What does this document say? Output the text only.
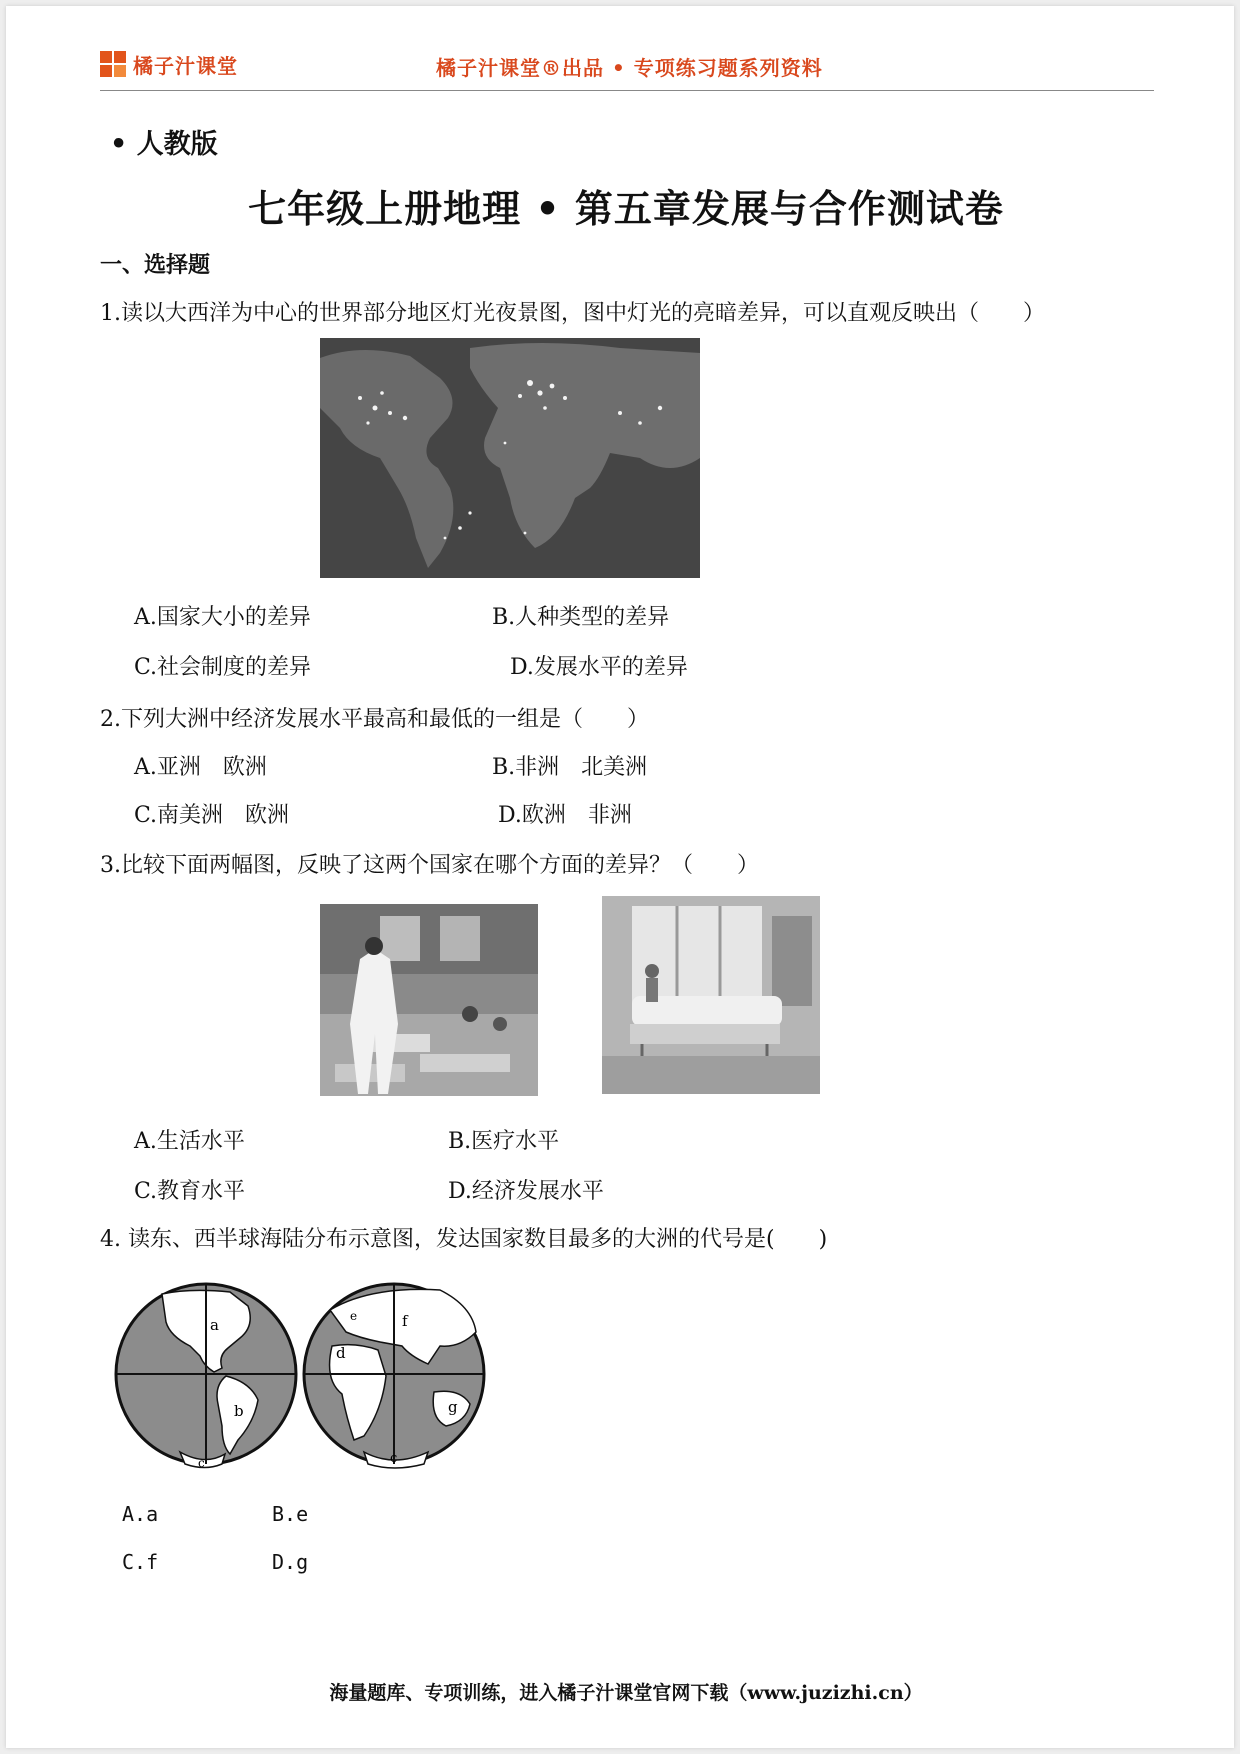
橘子汁课堂	橘子汁课堂®出品 • 专项练习题系列资料
• 人教版
七年级上册地理 • 第五章发展与合作测试卷
一、选择题
1.读以大西洋为中心的世界部分地区灯光夜景图，图中灯光的亮暗差异，可以直观反映出（　　）
A.国家大小的差异	B.人种类型的差异
C.社会制度的差异	D.发展水平的差异
2.下列大洲中经济发展水平最高和最低的一组是（　　）
A.亚洲　欧洲	B.非洲　北美洲
C.南美洲　欧洲	D.欧洲　非洲
3.比较下面两幅图，反映了这两个国家在哪个方面的差异？（　　）
A.生活水平	B.医疗水平
C.教育水平	D.经济发展水平
4. 读东、西半球海陆分布示意图，发达国家数目最多的大洲的代号是(　　)
a
b
c
d
e	f
g
c
A.a	B.e
C.f	D.g
海量题库、专项训练，进入橘子汁课堂官网下载（www.juzizhi.cn）
